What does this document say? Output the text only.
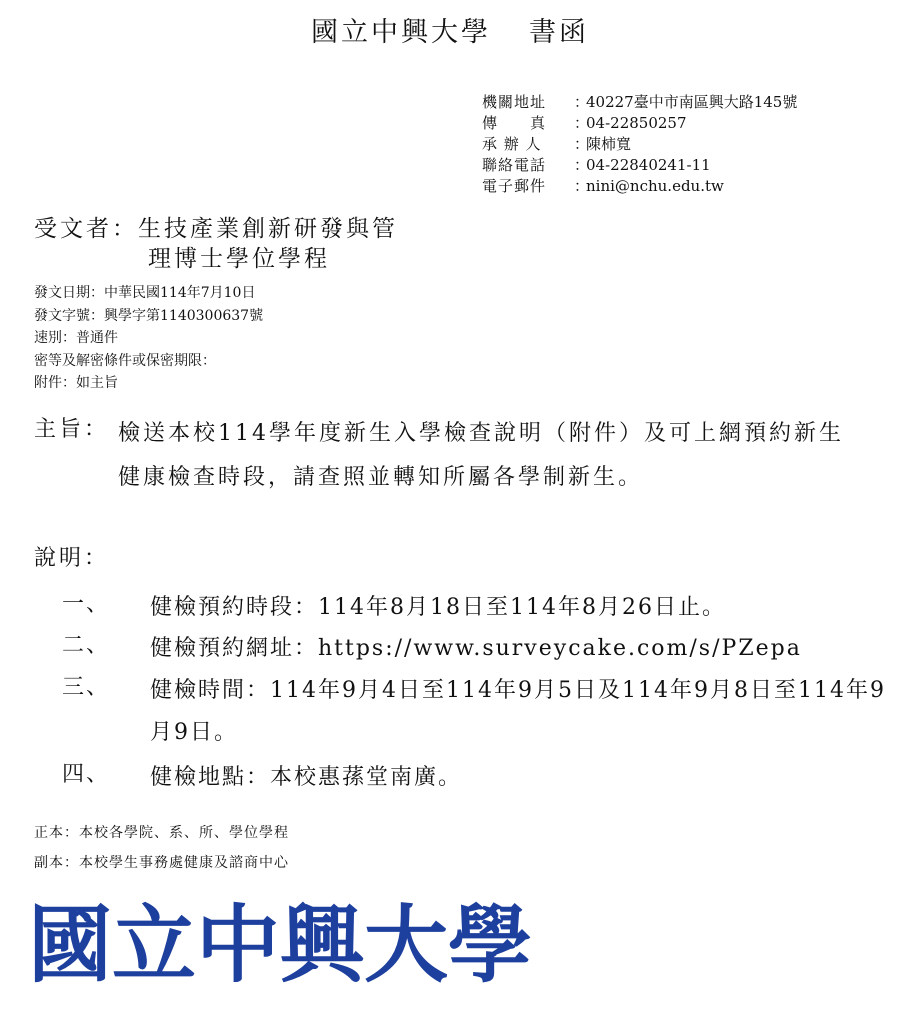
國立中興大學 書函
機關地址	：
40227臺中市南區興大路145號
傳　　真	：
04-22850257
承 辦 人	：
陳柿寬
聯絡電話	：
04-22840241-11
電子郵件	：
nini@nchu.edu.tw
受文者：生技產業創新研發與管
理博士學位學程
發文日期：中華民國114年7月10日
發文字號：興學字第1140300637號
速別：普通件
密等及解密條件或保密期限：
附件：如主旨
主旨： 檢送本校114學年度新生入學檢查說明（附件）及可上網預約新生健康檢查時段，請查照並轉知所屬各學制新生。
說明：
一、 健檢預約時段：114年8月18日至114年8月26日止。
二、 健檢預約網址：https://www.surveycake.com/s/PZepa
三、 健檢時間：114年9月4日至114年9月5日及114年9月8日至114年9月9日。
四、 健檢地點：本校惠蓀堂南廣。
正本：本校各學院、系、所、學位學程
副本：本校學生事務處健康及諮商中心
國立中興大學
